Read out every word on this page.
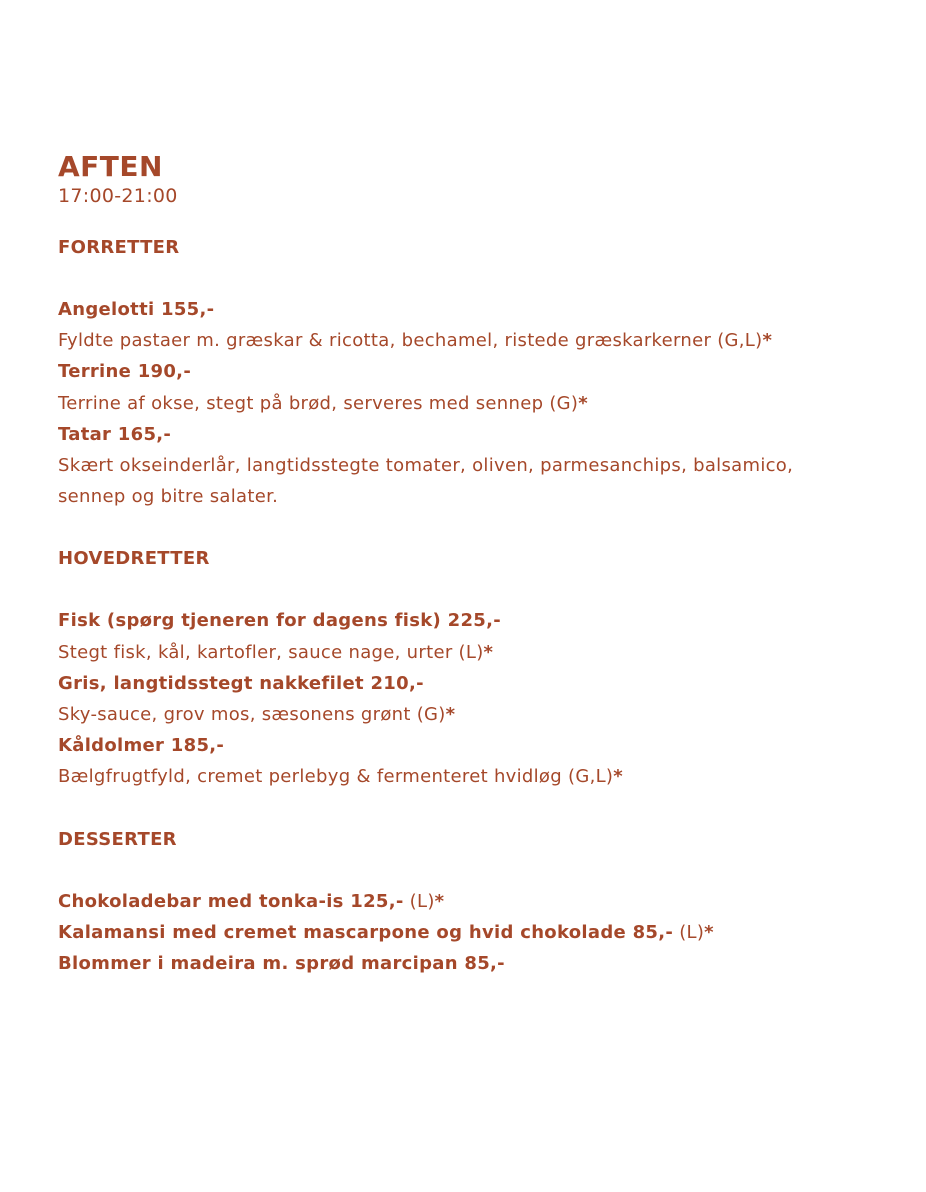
AFTEN

17:00-21:00

FORRETTER

Angelotti 155,-

Fyldte pastaer m. græskar & ricotta, bechamel, ristede græskarkerner (G,L)*

Terrine 190,-

Terrine af okse, stegt på brød, serveres med sennep (G)*

Tatar 165,-

Skært okseinderlår, langtidsstegte tomater, oliven, parmesanchips, balsamico,

sennep og bitre salater.

HOVEDRETTER

Fisk (spørg tjeneren for dagens fisk) 225,-

Stegt fisk, kål, kartofler, sauce nage, urter (L)*

Gris, langtidsstegt nakkefilet 210,-

Sky-sauce, grov mos, sæsonens grønt (G)*

Kåldolmer 185,-

Bælgfrugtfyld, cremet perlebyg & fermenteret hvidløg (G,L)*

DESSERTER

Chokoladebar med tonka-is 125,- (L)*

Kalamansi med cremet mascarpone og hvid chokolade 85,- (L)*

Blommer i madeira m. sprød marcipan 85,-
